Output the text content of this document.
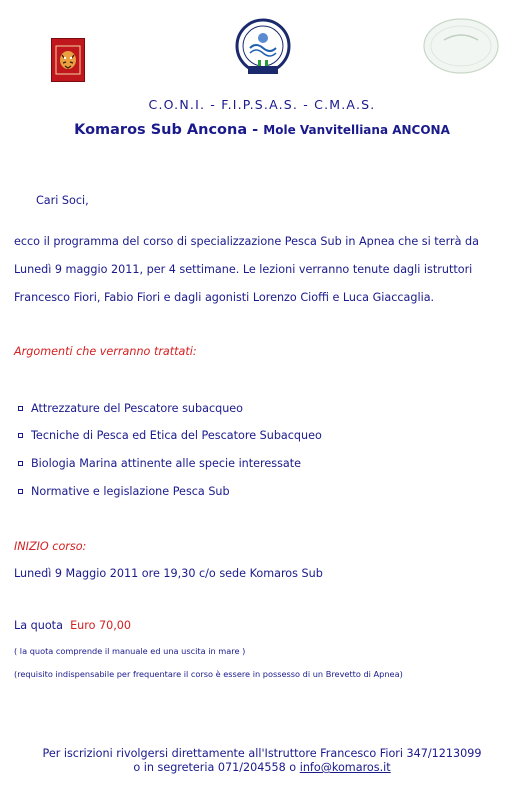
C.O.N.I. - F.I.P.S.A.S. - C.M.A.S.
Komaros Sub Ancona - Mole Vanvitelliana ANCONA
Cari Soci,
ecco il programma del corso di specializzazione Pesca Sub in Apnea che si terrà da
Lunedì 9 maggio 2011, per 4 settimane. Le lezioni verranno tenute dagli istruttori
Francesco Fiori, Fabio Fiori e dagli agonisti Lorenzo Cioffi e Luca Giaccaglia.
Argomenti che verranno trattati:
Attrezzature del Pescatore subacqueo
Tecniche di Pesca ed Etica del Pescatore Subacqueo
Biologia Marina attinente alle specie interessate
Normative e legislazione Pesca Sub
INIZIO corso:
Lunedì 9 Maggio 2011 ore 19,30 c/o sede Komaros Sub
La quota Euro 70,00
( la quota comprende il manuale ed una uscita in mare )
(requisito indispensabile per frequentare il corso è essere in possesso di un Brevetto di Apnea)
Per iscrizioni rivolgersi direttamente all'Istruttore Francesco Fiori 347/1213099
o in segreteria 071/204558 o info@komaros.it
